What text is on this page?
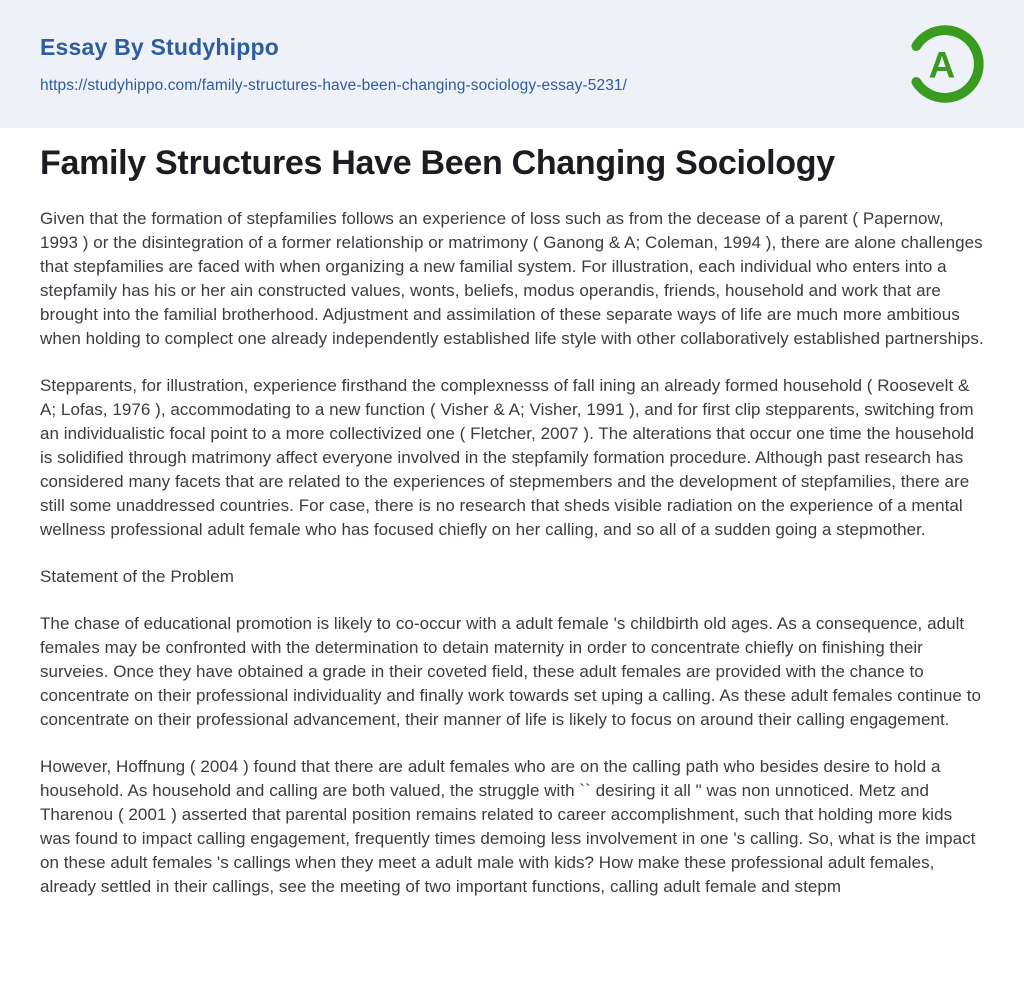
Essay By Studyhippo
https://studyhippo.com/family-structures-have-been-changing-sociology-essay-5231/	A
Family Structures Have Been Changing Sociology

Given that the formation of stepfamilies follows an experience of loss such as from the decease of a parent ( Papernow, 1993 ) or the disintegration of a former relationship or matrimony ( Ganong & A; Coleman, 1994 ), there are alone challenges that stepfamilies are faced with when organizing a new familial system. For illustration, each individual who enters into a stepfamily has his or her ain constructed values, wonts, beliefs, modus operandis, friends, household and work that are brought into the familial brotherhood. Adjustment and assimilation of these separate ways of life are much more ambitious when holding to complect one already independently established life style with other collaboratively established partnerships.

Stepparents, for illustration, experience firsthand the complexnesss of fall ining an already formed household ( Roosevelt & A; Lofas, 1976 ), accommodating to a new function ( Visher & A; Visher, 1991 ), and for first clip stepparents, switching from an individualistic focal point to a more collectivized one ( Fletcher, 2007 ). The alterations that occur one time the household is solidified through matrimony affect everyone involved in the stepfamily formation procedure. Although past research has considered many facets that are related to the experiences of stepmembers and the development of stepfamilies, there are still some unaddressed countries. For case, there is no research that sheds visible radiation on the experience of a mental wellness professional adult female who has focused chiefly on her calling, and so all of a sudden going a stepmother.

Statement of the Problem

The chase of educational promotion is likely to co-occur with a adult female 's childbirth old ages. As a consequence, adult females may be confronted with the determination to detain maternity in order to concentrate chiefly on finishing their surveies. Once they have obtained a grade in their coveted field, these adult females are provided with the chance to concentrate on their professional individuality and finally work towards set uping a calling. As these adult females continue to concentrate on their professional advancement, their manner of life is likely to focus on around their calling engagement.

However, Hoffnung ( 2004 ) found that there are adult females who are on the calling path who besides desire to hold a household. As household and calling are both valued, the struggle with `` desiring it all " was non unnoticed. Metz and Tharenou ( 2001 ) asserted that parental position remains related to career accomplishment, such that holding more kids was found to impact calling engagement, frequently times demoing less involvement in one 's calling. So, what is the impact on these adult females 's callings when they meet a adult male with kids? How make these professional adult females, already settled in their callings, see the meeting of two important functions, calling adult female and stepm
